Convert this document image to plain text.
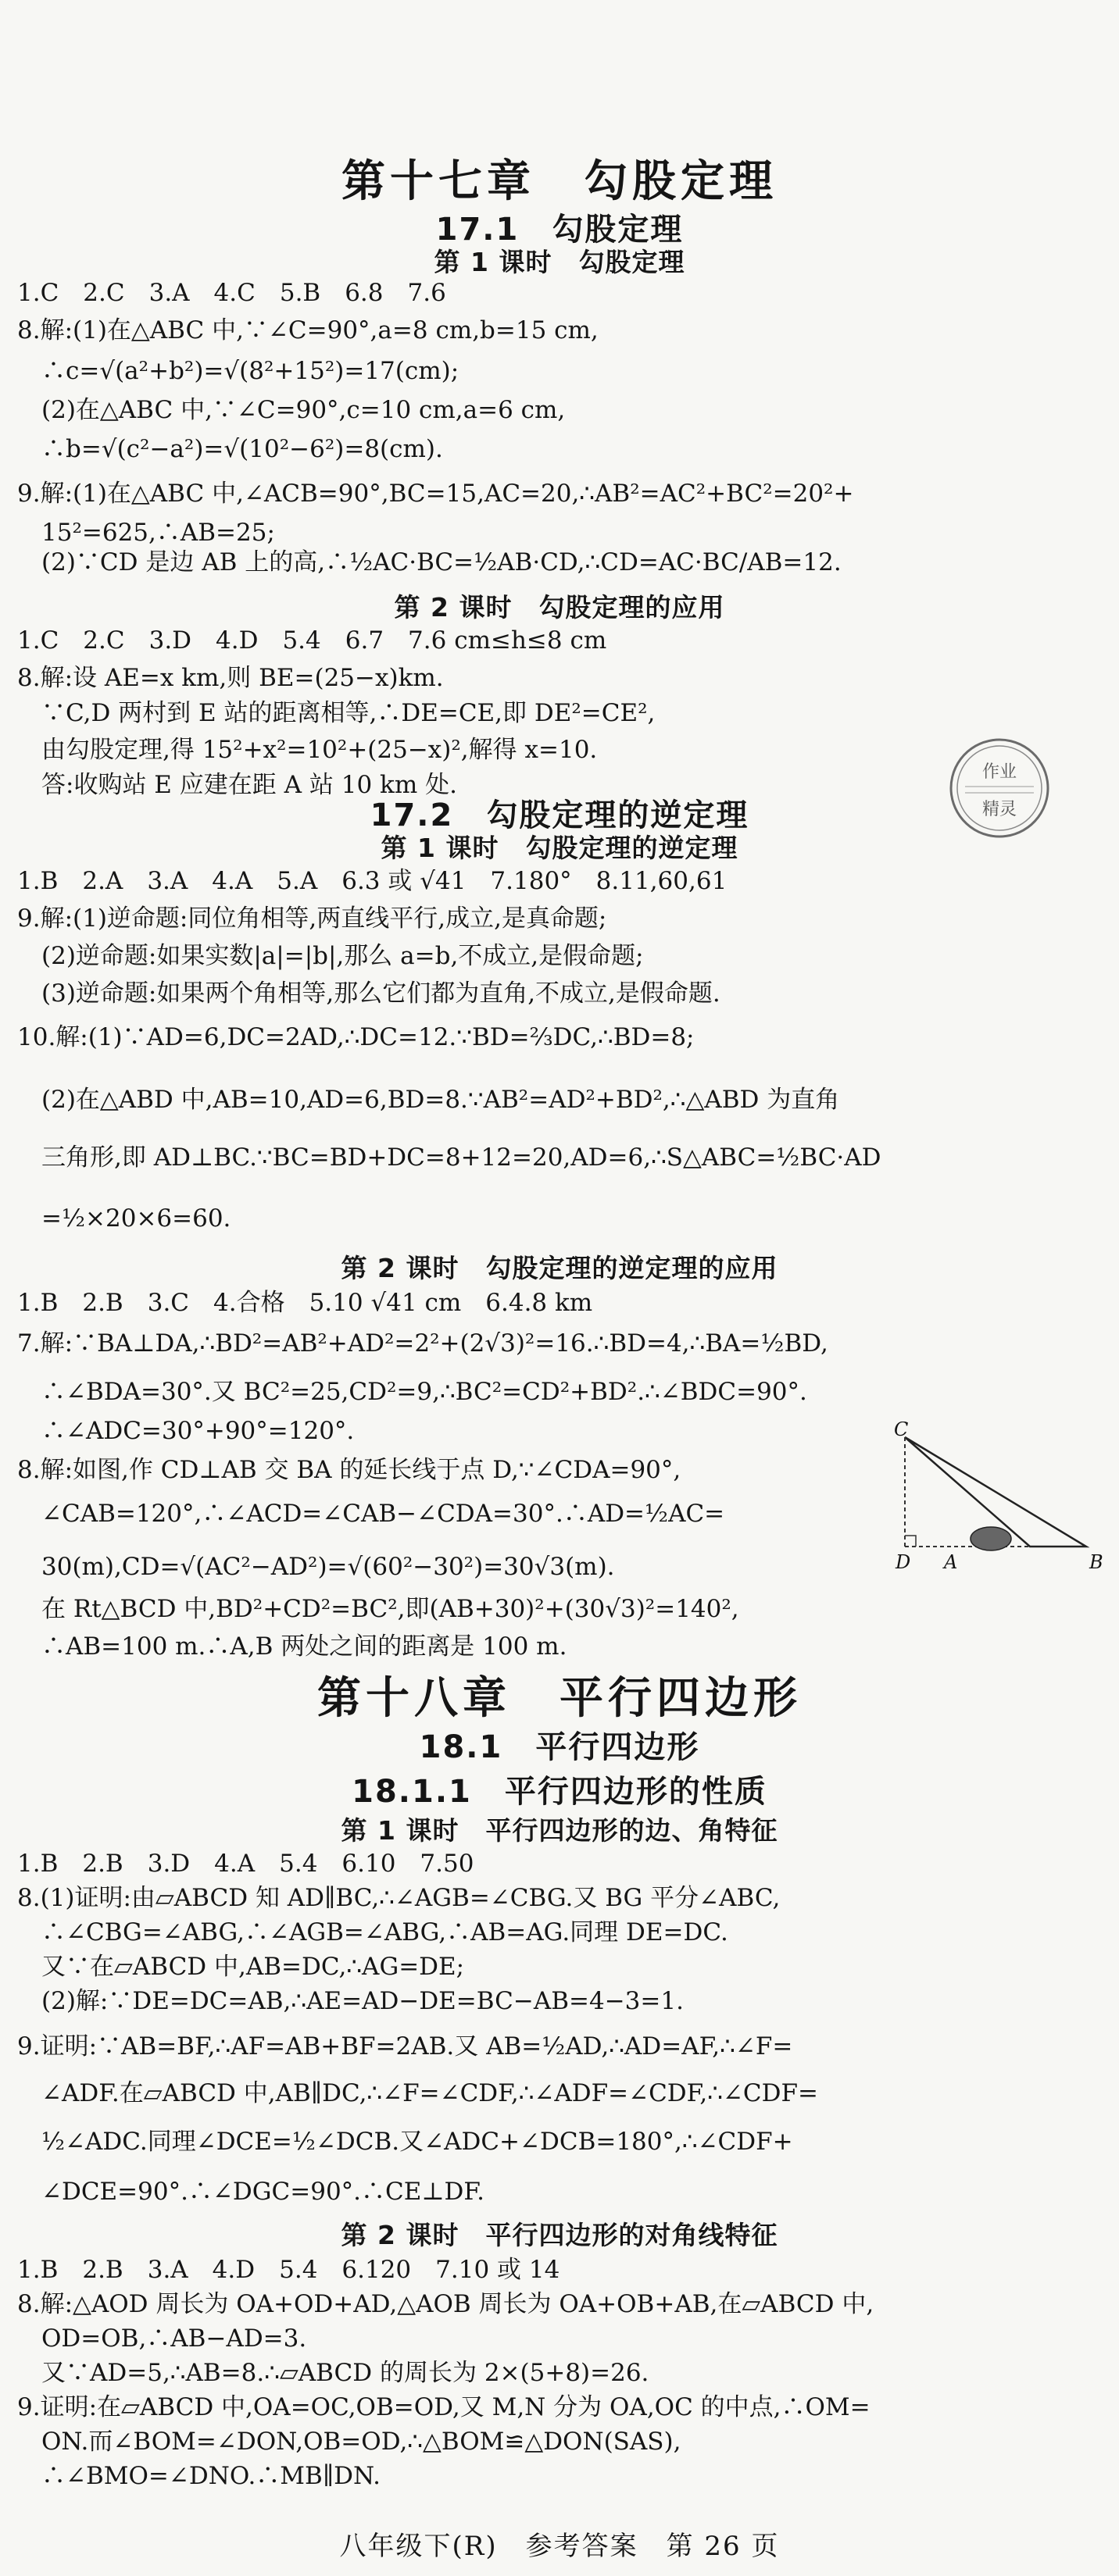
第十七章　勾股定理
17.1　勾股定理
第 1 课时　勾股定理
1.C　2.C　3.A　4.C　5.B　6.8　7.6
8.解:(1)在△ABC 中,∵∠C=90°,a=8 cm,b=15 cm,
　∴c=√(a²+b²)=√(8²+15²)=17(cm);
　(2)在△ABC 中,∵∠C=90°,c=10 cm,a=6 cm,
　∴b=√(c²−a²)=√(10²−6²)=8(cm).
9.解:(1)在△ABC 中,∠ACB=90°,BC=15,AC=20,∴AB²=AC²+BC²=20²+
　15²=625,∴AB=25;
　(2)∵CD 是边 AB 上的高,∴½AC·BC=½AB·CD,∴CD=AC·BC/AB=12.
第 2 课时　勾股定理的应用
1.C　2.C　3.D　4.D　5.4　6.7　7.6 cm≤h≤8 cm
8.解:设 AE=x km,则 BE=(25−x)km.
　∵C,D 两村到 E 站的距离相等,∴DE=CE,即 DE²=CE²,
　由勾股定理,得 15²+x²=10²+(25−x)²,解得 x=10.
　答:收购站 E 应建在距 A 站 10 km 处.	作业
精灵
17.2　勾股定理的逆定理
第 1 课时　勾股定理的逆定理
1.B　2.A　3.A　4.A　5.A　6.3 或 √41　7.180°　8.11,60,61
9.解:(1)逆命题:同位角相等,两直线平行,成立,是真命题;
　(2)逆命题:如果实数|a|=|b|,那么 a=b,不成立,是假命题;
　(3)逆命题:如果两个角相等,那么它们都为直角,不成立,是假命题.
10.解:(1)∵AD=6,DC=2AD,∴DC=12.∵BD=⅔DC,∴BD=8;
　(2)在△ABD 中,AB=10,AD=6,BD=8.∵AB²=AD²+BD²,∴△ABD 为直角
　三角形,即 AD⊥BC.∵BC=BD+DC=8+12=20,AD=6,∴S△ABC=½BC·AD
　=½×20×6=60.
第 2 课时　勾股定理的逆定理的应用
1.B　2.B　3.C　4.合格　5.10 √41 cm　6.4.8 km
7.解:∵BA⊥DA,∴BD²=AB²+AD²=2²+(2√3)²=16.∴BD=4,∴BA=½BD,
　∴∠BDA=30°.又 BC²=25,CD²=9,∴BC²=CD²+BD².∴∠BDC=90°.
　∴∠ADC=30°+90°=120°.
8.解:如图,作 CD⊥AB 交 BA 的延长线于点 D,∵∠CDA=90°,
　∠CAB=120°,∴∠ACD=∠CAB−∠CDA=30°.∴AD=½AC=
　30(m),CD=√(AC²−AD²)=√(60²−30²)=30√3(m).
　在 Rt△BCD 中,BD²+CD²=BC²,即(AB+30)²+(30√3)²=140²,
　∴AB=100 m.∴A,B 两处之间的距离是 100 m.
C
D A	B
第十八章　平行四边形
18.1　平行四边形
18.1.1　平行四边形的性质
第 1 课时　平行四边形的边、角特征
1.B　2.B　3.D　4.A　5.4　6.10　7.50
8.(1)证明:由▱ABCD 知 AD∥BC,∴∠AGB=∠CBG.又 BG 平分∠ABC,
　∴∠CBG=∠ABG,∴∠AGB=∠ABG,∴AB=AG.同理 DE=DC.
　又∵在▱ABCD 中,AB=DC,∴AG=DE;
　(2)解:∵DE=DC=AB,∴AE=AD−DE=BC−AB=4−3=1.
9.证明:∵AB=BF,∴AF=AB+BF=2AB.又 AB=½AD,∴AD=AF,∴∠F=
　∠ADF.在▱ABCD 中,AB∥DC,∴∠F=∠CDF,∴∠ADF=∠CDF,∴∠CDF=
　½∠ADC.同理∠DCE=½∠DCB.又∠ADC+∠DCB=180°,∴∠CDF+
　∠DCE=90°.∴∠DGC=90°.∴CE⊥DF.
第 2 课时　平行四边形的对角线特征
1.B　2.B　3.A　4.D　5.4　6.120　7.10 或 14
8.解:△AOD 周长为 OA+OD+AD,△AOB 周长为 OA+OB+AB,在▱ABCD 中,
　OD=OB,∴AB−AD=3.
　又∵AD=5,∴AB=8.∴▱ABCD 的周长为 2×(5+8)=26.
9.证明:在▱ABCD 中,OA=OC,OB=OD,又 M,N 分为 OA,OC 的中点,∴OM=
　ON.而∠BOM=∠DON,OB=OD,∴△BOM≌△DON(SAS),
　∴∠BMO=∠DNO.∴MB∥DN.
八年级下(R)　参考答案　第 26 页
